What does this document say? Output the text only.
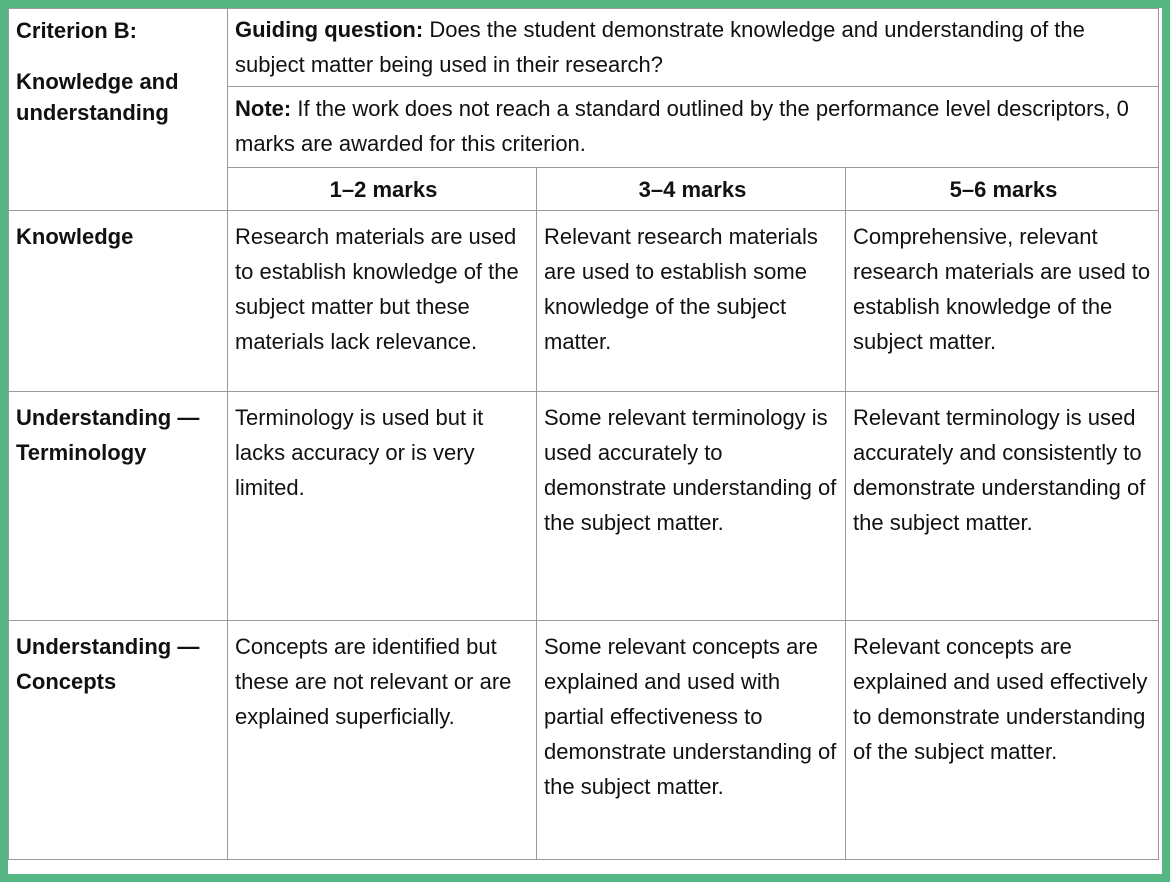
Criterion B:
Knowledge and understanding	Guiding question: Does the student demonstrate knowledge and understanding of the subject matter being used in their research?		
	Note: If the work does not reach a standard outlined by the performance level descriptors, 0 marks are awarded for this criterion.		
	1–2 marks	3–4 marks	5–6 marks

Knowledge	Research materials are used to establish knowledge of the subject matter but these materials lack relevance.	Relevant research materials are used to establish some knowledge of the subject matter.	Comprehensive, relevant research materials are used to establish knowledge of the subject matter.

Understanding —
Terminology	Terminology is used but it lacks accuracy or is very limited.	Some relevant terminology is used accurately to demonstrate understanding of the subject matter.	Relevant terminology is used accurately and consistently to demonstrate understanding of the subject matter.

Understanding —
Concepts	Concepts are identified but these are not relevant or are explained superficially.	Some relevant concepts are explained and used with partial effectiveness to demonstrate understanding of the subject matter.	Relevant concepts are explained and used effectively to demonstrate understanding of the subject matter.
